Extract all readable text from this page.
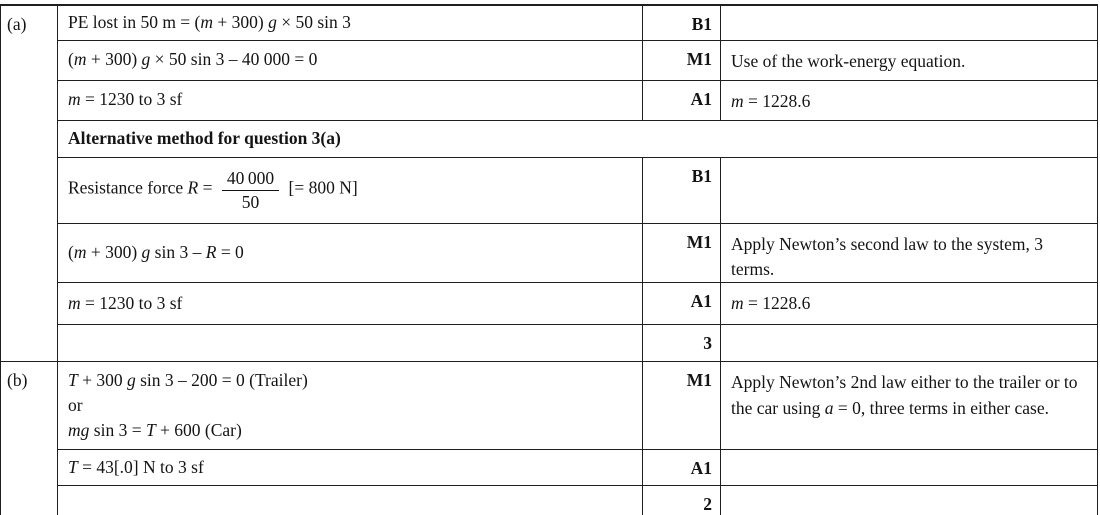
(a)	PE lost in 50 m = (m + 300) g × 50 sin 3	B1	
	(m + 300) g × 50 sin 3 – 40 000 = 0	M1	Use of the work-energy equation.
	m = 1230 to 3 sf	A1	m = 1228.6
	Alternative method for question 3(a)		
	Resistance force $R = \frac{40 000}{50}$ [= 800 N]	B1	
	(m + 300) g sin 3 – R = 0	M1	Apply Newton’s second law to the system, 3 terms.
	m = 1230 to 3 sf	A1	m = 1228.6
		3	
(b)	T + 300 g sin 3 – 200 = 0 (Trailer)
or
mg sin 3 = T + 600 (Car)	M1	Apply Newton’s 2nd law either to the trailer or to the car using a = 0, three terms in either case.
	T = 43[.0] N to 3 sf	A1	
		2	
